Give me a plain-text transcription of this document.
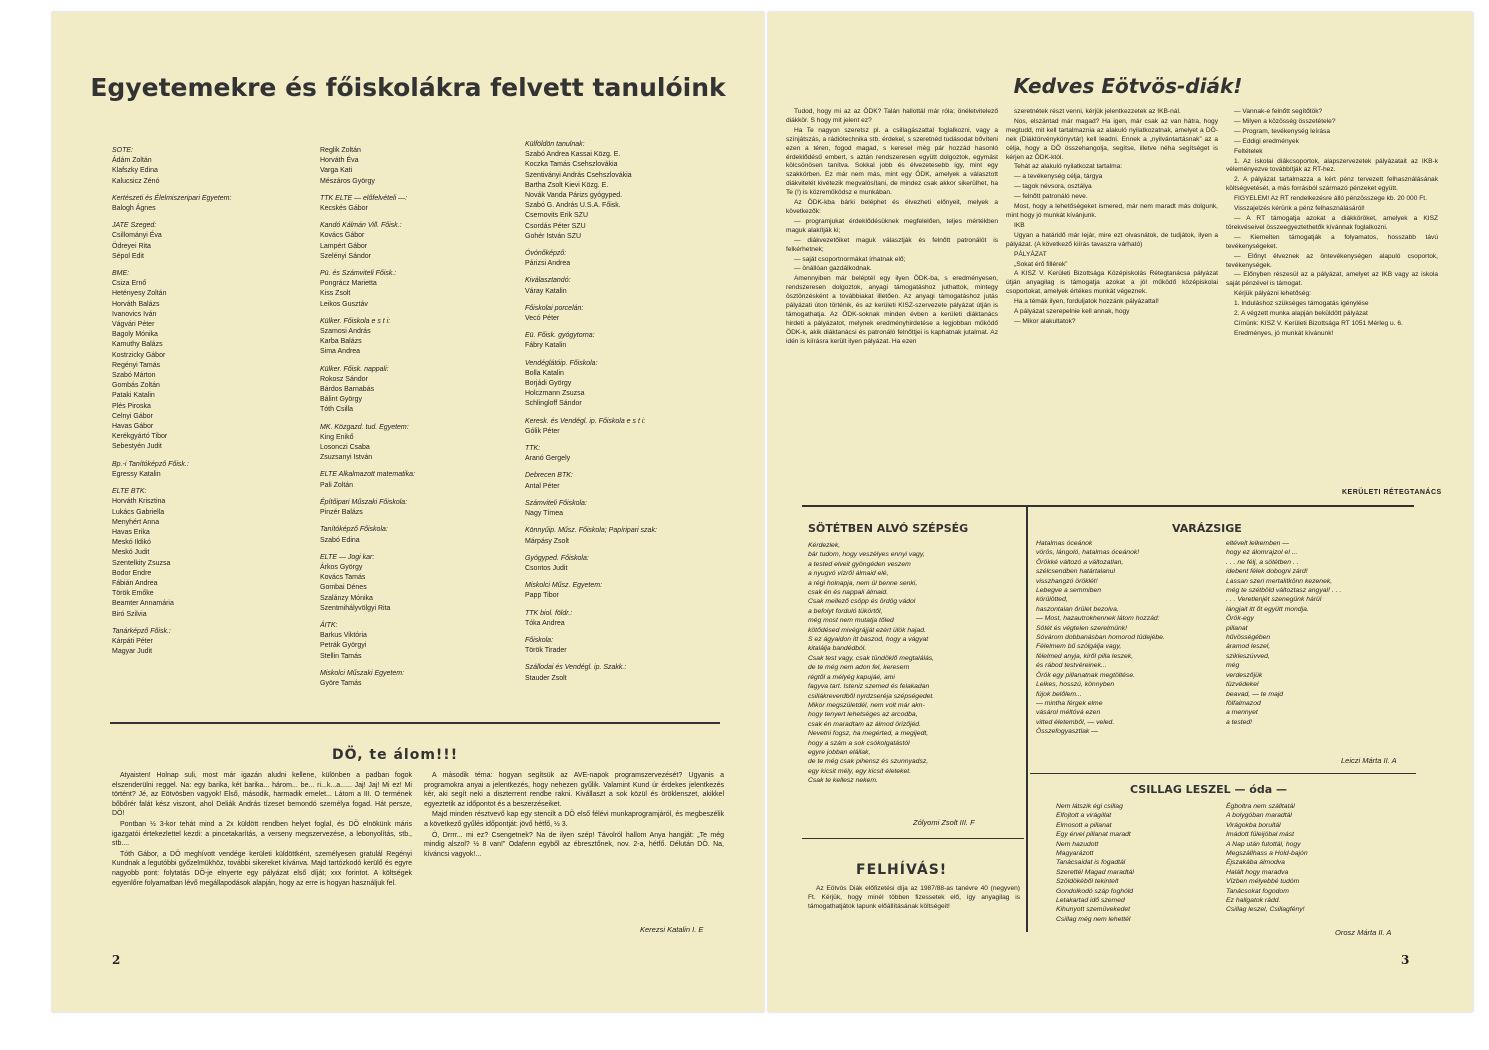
Egyetemekre és főiskolákra felvett tanulóink
SOTE:
Ádám Zoltán
Klafszky Edina
Kalucsicz Zénó
Kertészeti és Élelmiszeripari Egyetem:
Balogh Ágnes
JATE Szeged:
Csillományi Éva
Ödreyei Rita
Sépol Edit
BME:
Csiza Ernő
Hetényesy Zoltán
Horváth Balázs
Ivanovics Iván
Vágvári Péter
Bagoly Mónika
Kamuthy Balázs
Kostrzicky Gábor
Regényi Tamás
Szabó Márton
Gombás Zoltán
Pataki Katalin
Plés Piroska
Celnyi Gábor
Havas Gábor
Kerékgyártó Tibor
Sebestyén Judit
Bp.-i Tanítóképző Főisk.:
Egressy Katalin
ELTE BTK:
Horváth Krisztina
Lukács Gabriella
Menyhért Anna
Havas Erika
Meskó Ildikó
Meskó Judit
Szentelkity Zsuzsa
Bodor Endre
Fábián Andrea
Török Emőke
Beamter Annamária
Biró Szilvia
Tanárképző Főisk.:
Kárpáti Péter
Magyar Judit
Reglik Zoltán
Horváth Éva
Varga Kati
Mészáros György
TTK ELTE — előfelvételi —:
Kecskés Gábor
Kandó Kálmán Vill. Főisk.:
Kovács Gábor
Lampért Gábor
Szelényi Sándor
Pü. és Számviteli Főisk.:
Pongrácz Marietta
Kiss Zsolt
Leikos Gusztáv
Külker. Főiskola e s t i:
Szamosi András
Karba Balázs
Sima Andrea
Külker. Főisk. nappali:
Rokosz Sándor
Bárdos Barnabás
Bálint György
Tóth Csilla
MK. Közgazd. tud. Egyetem:
King Enikő
Losonczi Csaba
Zsuzsanyi István
ELTE Alkalmazott matematika:
Pali Zoltán
Építőipari Műszaki Főiskola:
Pinzér Balázs
Tanítóképző Főiskola:
Szabó Edina
ELTE — Jogi kar:
Árkos György
Kovács Tamás
Gombai Dénes
Szalánzy Mónika
Szentmihályvölgyi Rita
ÁITK:
Barkus Viktória
Petrák Györgyi
Stellin Tamás
Miskolci Műszaki Egyetem:
Györe Tamás
Külföldön tanulnak:
Szabó Andrea Kassai Közg. E.
Koczka Tamás Csehszlovákia
Szentiványi András Csehszlovákia
Bartha Zsolt Kievi Közg. E.
Novák Vanda Párizs gyógyped.
Szabó G. András U.S.A. Főisk.
Csernovits Erik SZU
Csordás Péter SZU
Gohér István SZU
Óvónőképző:
Párizsi Andrea
Kiválasztandó:
Váray Katalin
Főiskolai porcelán:
Vecó Péter
Eü. Főisk. gyógytorna:
Fábry Katalin
Vendéglátóip. Főiskola:
Bolla Katalin
Borjádi György
Holczmann Zsuzsa
Schlingloff Sándor
Keresk. és Vendégl. ip. Főiskola e s t i:
Gólik Péter
TTK:
Aranó Gergely
Debrecen BTK:
Antal Péter
Számviteli Főiskola:
Nagy Tímea
Könnyűip. Műsz. Főiskola; Papíripari szak:
Márpásy Zsolt
Gyógyped. Főiskola:
Csontos Judit
Miskolci Műsz. Egyetem:
Papp Tibor
TTK biol. földr.:
Tóka Andrea
Főiskola:
Török Tirader
Szállodai és Vendégl. ip. Szakk.:
Stauder Zsolt
DÖ, te álom!!!

Atyaisten! Holnap suli, most már igazán aludni kellene, különben a padban fogok elszenderülni reggel. Na: egy barika, két barika... három... be... ri...k...a...... Jaj! Jaj! Mi ez! Mi történt? Jé, az Eötvösben vagyok! Első, második, harmadik emelet... Látom a III. O termének bőbőrér falát kész viszont, ahol Deliák András tízeset bemondó személya fogad. Hát persze, DÖ!

Pontban ½ 3-kor tehát mind a 2x küldött rendben helyet foglal, és DÖ elnökünk máris igazgatói értekezlettel kezdi: a pincetakarítás, a verseny megszervezése, a lebonyolítás, stb., stb....

Tóth Gábor, a DÖ meghívott vendége kerületi küldöttként, személyesen gratulál Regényi Kundnak a legutóbbi győzelmükhöz, további sikereket kívánva. Majd tartózkodó kerülő és egyre nagyobb pont: folytatás DÖ-je elnyerte egy pályázat első díját; xxx forintot. A költségek egyenlőre folyamatban lévő megállapodások alapján, hogy az erre is hogyan használjuk fel.

A második téma: hogyan segítsük az AVE-napok programszervezését? Ugyanis a programokra anyai a jelentkezés, hogy nehezen gyűlik. Valamint Kund úr érdekes jelentkezés kér, aki segít neki a diszterrent rendbe rakni. Kivállaszt a sok közül és öröklenszet, akikkel egyeztetik az időpontot és a beszerzéseiket.

Majd minden résztvevő kap egy stencilt a DÖ első félévi munkaprogramjáról, és megbeszélik a következő gyűlés időpontját: jövő hétfő, ½ 3.

Ó, Drrrr... mi ez? Csengetnek? Na de ilyen szép! Távolról hallom Anya hangját: „Te még mindig alszol? ½ 8 van!” Odafenn egyből az ébresztőnek, nov. 2-a, hétfő. Délután DÖ. Na, kíváncsi vagyok!...

Kerezsi Katalin I. E
2
Kedves Eötvös-diák!

Tudod, hogy mi az az ÖDK? Talán hallottál már róla; önéletvitelező diákkör. S hogy mit jelent ez?

Ha Te nagyon szeretsz pl. a csillagászattal foglalkozni, vagy a színjátszás, a rádiótechnika stb. érdekel, s szeretnéd tudásodat bővíteni ezen a téren, fogod magad, s keresel még pár hozzád hasonló érdeklődésű embert, s aztán rendszeresen együtt dolgoztok, egymást kölcsönösen tanítva. Sokkal jobb és élvezetesebb így, mint egy szakkörben. Ez már nem más, mint egy ÖDK, amelyek a választott diákvitelét kivétezik megvalósítani, de mindez csak akkor sikerülhet, ha Te (!) is közreműködsz e munkában.

Az ÖDK-kba bárki beléphet és élvezheti előnyeit, melyek a következők:

— programjukat érdeklődésüknek megfelelően, teljes mértékben maguk alakítják ki;

— diákvezetőiket maguk választják és felnőtt patronálót is felkérhetnek;

— saját csoportnormákat írhatnak elő;

— önállóan gazdálkodnak.

Amennyiben már beléptél egy ilyen ÖDK-ba, s eredményesen, rendszeresen dolgoztok, anyagi támogatáshoz juthattok, mintegy ösztönzésként a továbbiakat illetően. Az anyagi támogatáshoz jutás pályázati úton történik, és az kerületi KISZ-szervezete pályázat útján is támogathatja. Az ÖDK-soknak minden évben a kerületi diáktanács hirdeti a pályázatot, melynek eredményhirdetése a legjobban működő ÖDK-k, akik diáktanácsi és patronáló felnőttjei is kaphatnak jutalmat. Az idén is kiírásra került ilyen pályázat. Ha ezen

szeretnétek részt venni, kérjük jelentkezzetek az IKB-nál.

Nos, elszántad már magad? Ha igen, már csak az van hátra, hogy megtudd, mit kell tartalmaznia az alakuló nyilatkozatnak, amelyet a DÖ-nek (Diáktörvénykönyvtár) kell leadni. Ennek a „nyilvántartásnak” az a célja, hogy a DÖ összehangolja, segítse, illetve néha segítséget is kérjen az ÖDK-któl.

Tehát az alakuló nyilatkozat tartalma:

— a tevékenység célja, tárgya

— tagok névsora, osztálya

— felnőtt patronáló neve.

Most, hogy a lehetőségeket ismered, már nem maradt más dolgunk, mint hogy jó munkát kívánjunk.

IKB

Ugyan a határidő már lejár, mire ezt olvasnátok, de tudjátok, ilyen a pályázat. (A következő kiírás tavaszra várható)

PÁLYÁZAT

„Sokat érő fillérek”

A KISZ V. Kerületi Bizottsága Középiskolás Rétegtanácsa pályázat útján anyagilag is támogatja azokat a jól működő középiskolai csoportokat, amelyek értékes munkát végeznek.

Ha a témák ilyen, forduljatok hozzánk pályázattal!

A pályázat szerepelnie kell annak, hogy

— Mikor alakultatok?

— Vannak-e felnőtt segítőtök?

— Milyen a közösség összetétele?

— Program, tevékenység leírása

— Eddigi eredmények

Feltételek

1. Az iskolai diákcsoportok, alapszervezetek pályázatait az IKB-k véleményezve továbbítják az RT-hez.

2. A pályázat tartalmazza a kért pénz tervezett felhasználásának költségvetését, a más forrásból származó pénzeket együtt.

FIGYELEM! Az RT rendelkezésre álló pénzösszege kb. 20 000 Ft.

Visszajelzés kérünk a pénz felhasználásáról!

— A RT támogatja azokat a diákköröket, amelyek a KISZ törekvéseivel összeegyeztethetők kívánnak foglalkozni.

— Kiemelten támogatják a folyamatos, hosszabb távú tevékenységeket.

— Előnyt élveznek az öntevékenységen alapuló csoportok, tevékenységek.

— Előnyben részesül az a pályázat, amelyet az IKB vagy az iskola saját pénzével is támogat.

Kérjük pályázni lehetőség:

1. Induláshoz szükséges támogatás igénylése

2. A végzett munka alapján beküldött pályázat

Címünk: KISZ V. Kerületi Bizottsága RT 1051 Mérleg u. 6.

Eredményes, jó munkát kívánunk!

KERÜLETI RÉTEGTANÁCS
SÖTÉTBEN ALVÓ SZÉPSÉG
Kérdezlek,
bár tudom, hogy veszélyes ennyi vagy,
a tested elveit gyöngéden veszem
a nyugvó vízről álmaid elé,
a régi holnapja, nem ül benne senki,
csak én és nappali álmaid.
Csak mellező csöpp és ördög vádol
a befolyt forduló tükörtől,
még most nem mutatja tőled
kötődésed mivégrájját ezért ülök hajad.
S ez ágyaidon itt baszod, hogy a vágyat
kitalálja bandédból.
Csak test vagy, csak tündöklő megtalálás,
de te még nem adon fel, keresem
régtől a mélyég kapujáé, ami
fagyva tart. Isteniz szemed és felakadan
csillákreverdből nyrdzseréja szépségedet.
Mikor megszületdél, nem volt már akn-
hogy tenyert lehetséges az arcodba,
csak én maradtam az álmod örizőjéd.
Nevetni fogsz, ha megérted, a megijedt,
hogy a szám a sok csókolgatástól
egyre jobban elállak,
de te még csak pihensz és szunnyadsz,
egy kicsit mély, egy kicsit életeket.
Csak te kellesz nekem.
Zólyomi Zsolt III. F
FELHÍVÁS!

Az Eötvös Diák előfizetési díja az 1987/88-as tanévre 40 (negyven) Ft. Kérjük, hogy minél többen fizessetek elő, így anyagilag is támogathatjátok lapunk előállításának költségeit!

VARÁZSIGE
Hatalmas óceánok
vörös, lángoló, hatalmas óceánok!
Örökké változó a változatlan,
szélcsendben határtalanul
visszhangzó öröklét!
Lebegve a semmiben
körülötted,
haszontalan őrület bezolva.
— Most, hazautrokhennek látom hozzád:
Sötét és végtelen szerelmünk!
Sóvárom dobbanásban homorod tüdejébe.
Félelmem bű szólgálja vagy,
félelmed anyja, kiről pilla leszek,
és rábod testvéreinek...
Örök egy pillanatnak megtöltése.
Lelkes, hosszú, könnyben
fújok belőlem...
— mintha férgek elme
vásárol méltóvá ezen
vitted életemből, — veled.
Összefogyasztlak —
eltévelt lelkemben —
hogy ez álomrajzol el ...
. . . ne félj, a sötétben . .
idebent félek dobogni zárd!
Lassan szeri mertalitkönn kezenek,
még te szétböld változtasz angyal! . . .
. . . Veretlenjét szenegünk hárül
lángjait itt őt együtt mondja.
Örök-egy
pillanat
hűvösségében
áramod leszel,
szikleszúvved,
még
verdeszőjük
tüzvédekel
beavad, — te majd
fölfalmazod
a mennyet
a tested!
Leiczi Márta II. A
CSILLAG LESZEL — óda —
Nem látszik égi csillag
Elfojtott a virágillat
Elmosott a pillanat
Egy érvel pillanat maradt
Nem hazudott
Magyarázott
Tanácsaidat is fogadtál
Szerettél Magad maradtál
Szöldökéből tekintelt
Gondolkodó száp foghóld
Letakartad idő szemed
Kihunyott szemüvekedet
Csillag még nem lehettél
Égboltra nem szálltatál
A bolygóban maradtál
Virágokba borultál
Imádott füleijóbal mást
A Nap után futottál, hogy
Megszállhass a Hold-bajón
Éjszakába álmodva
Halált hogy maradva
Vízben mélyebbé tudóm
Tanácsokat fogodom
Ez hallgatok rádd.
Csillag leszel, Csillagfény!
Orosz Márta II. A
3
